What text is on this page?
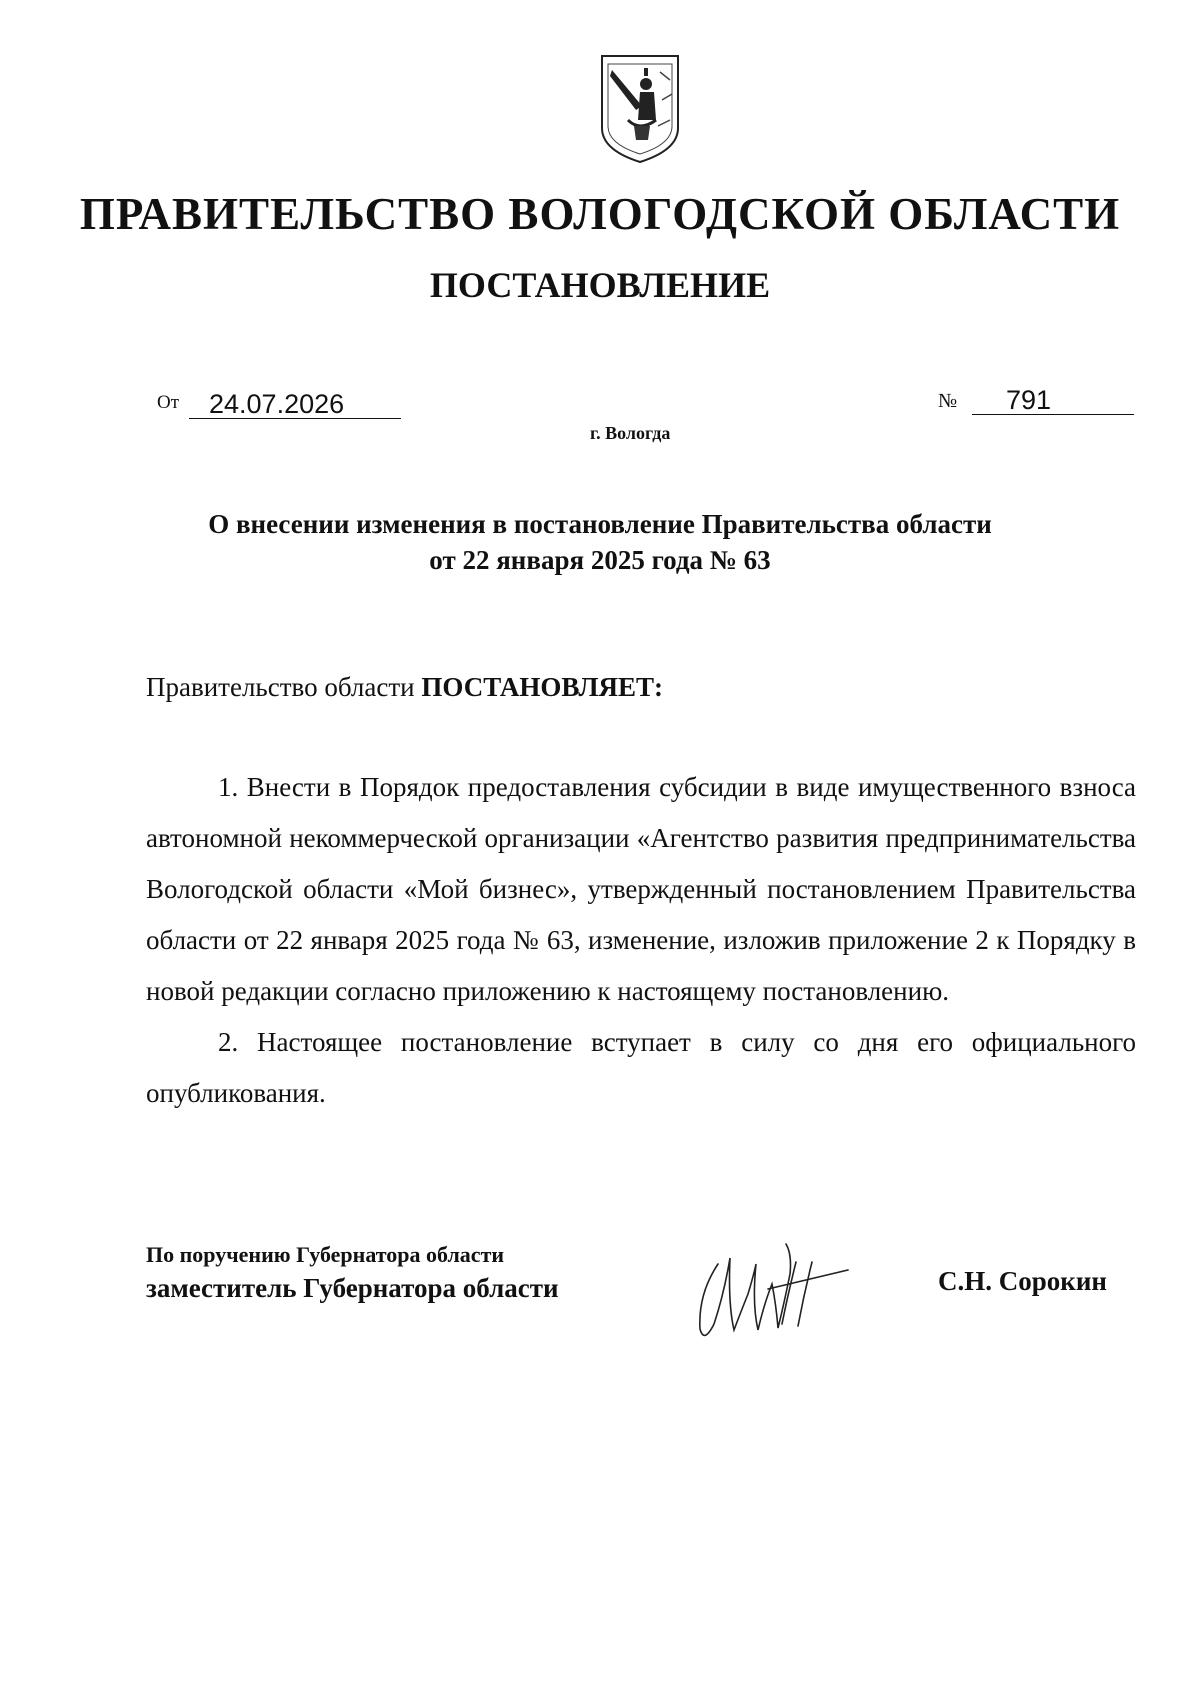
ПРАВИТЕЛЬСТВО ВОЛОГОДСКОЙ ОБЛАСТИ
ПОСТАНОВЛЕНИЕ
От	24.07.2026	№	791
г. Вологда
О внесении изменения в постановление Правительства области
от 22 января 2025 года № 63
Правительство области ПОСТАНОВЛЯЕТ:

1. Внести в Порядок предоставления субсидии в виде имущественного взноса автономной некоммерческой организации «Агентство развития предпринимательства Вологодской области «Мой бизнес», утвержденный постановлением Правительства области от 22 января 2025 года № 63, изменение, изложив приложение 2 к Порядку в новой редакции согласно приложению к настоящему постановлению.

2. Настоящее постановление вступает в силу со дня его официального опубликования.

По поручению Губернатора области
заместитель Губернатора области	С.Н. Сорокин
